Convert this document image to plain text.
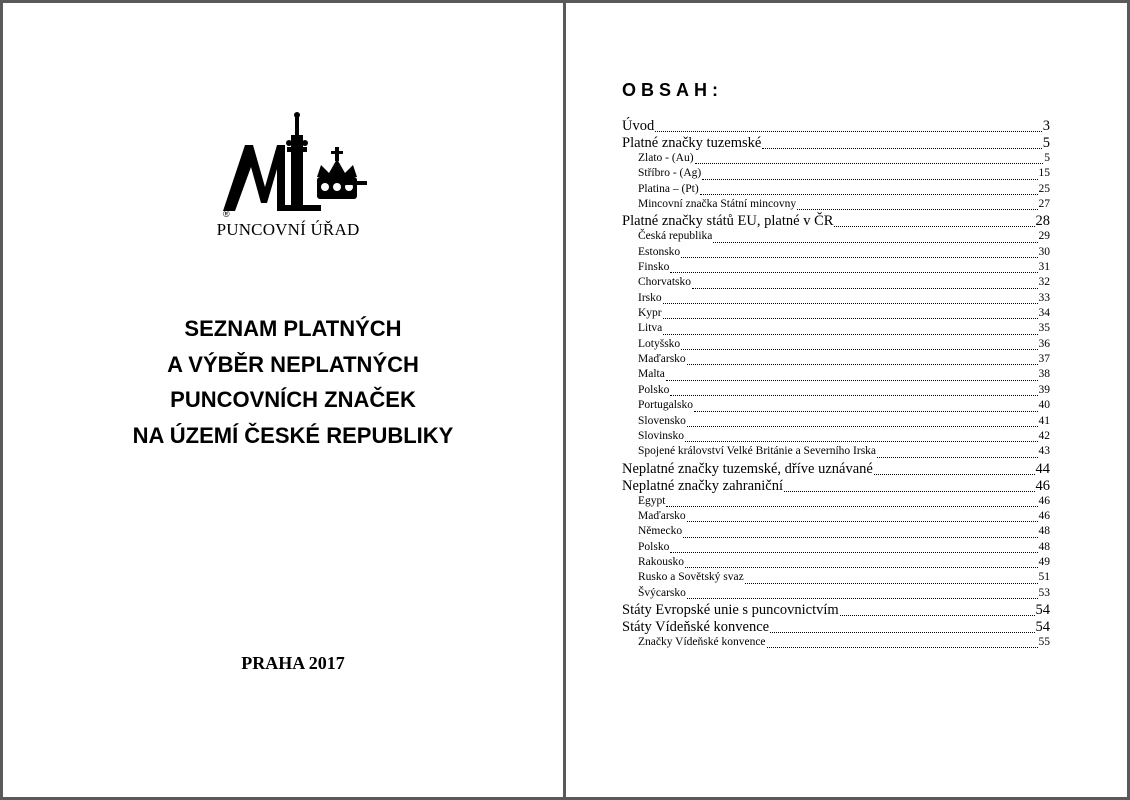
®
PUNCOVNÍ ÚŘAD
SEZNAM PLATNÝCH
A VÝBĚR NEPLATNÝCH
PUNCOVNÍCH ZNAČEK
NA ÚZEMÍ ČESKÉ REPUBLIKY
PRAHA 2017
OBSAH:
Úvod	3
Platné značky tuzemské	5
Zlato - (Au)	5
Stříbro - (Ag)	15
Platina – (Pt)	25
Mincovní značka Státní mincovny	27
Platné značky států EU, platné v ČR	28
Česká republika	29
Estonsko	30
Finsko	31
Chorvatsko	32
Irsko	33
Kypr	34
Litva	35
Lotyšsko	36
Maďarsko	37
Malta	38
Polsko	39
Portugalsko	40
Slovensko	41
Slovinsko	42
Spojené království Velké Británie a Severního Irska	43
Neplatné značky tuzemské, dříve uznávané	44
Neplatné značky zahraniční	46
Egypt	46
Maďarsko	46
Německo	48
Polsko	48
Rakousko	49
Rusko a Sovětský svaz	51
Švýcarsko	53
Státy Evropské unie s puncovnictvím	54
Státy Vídeňské konvence	54
Značky Vídeňské konvence	55
